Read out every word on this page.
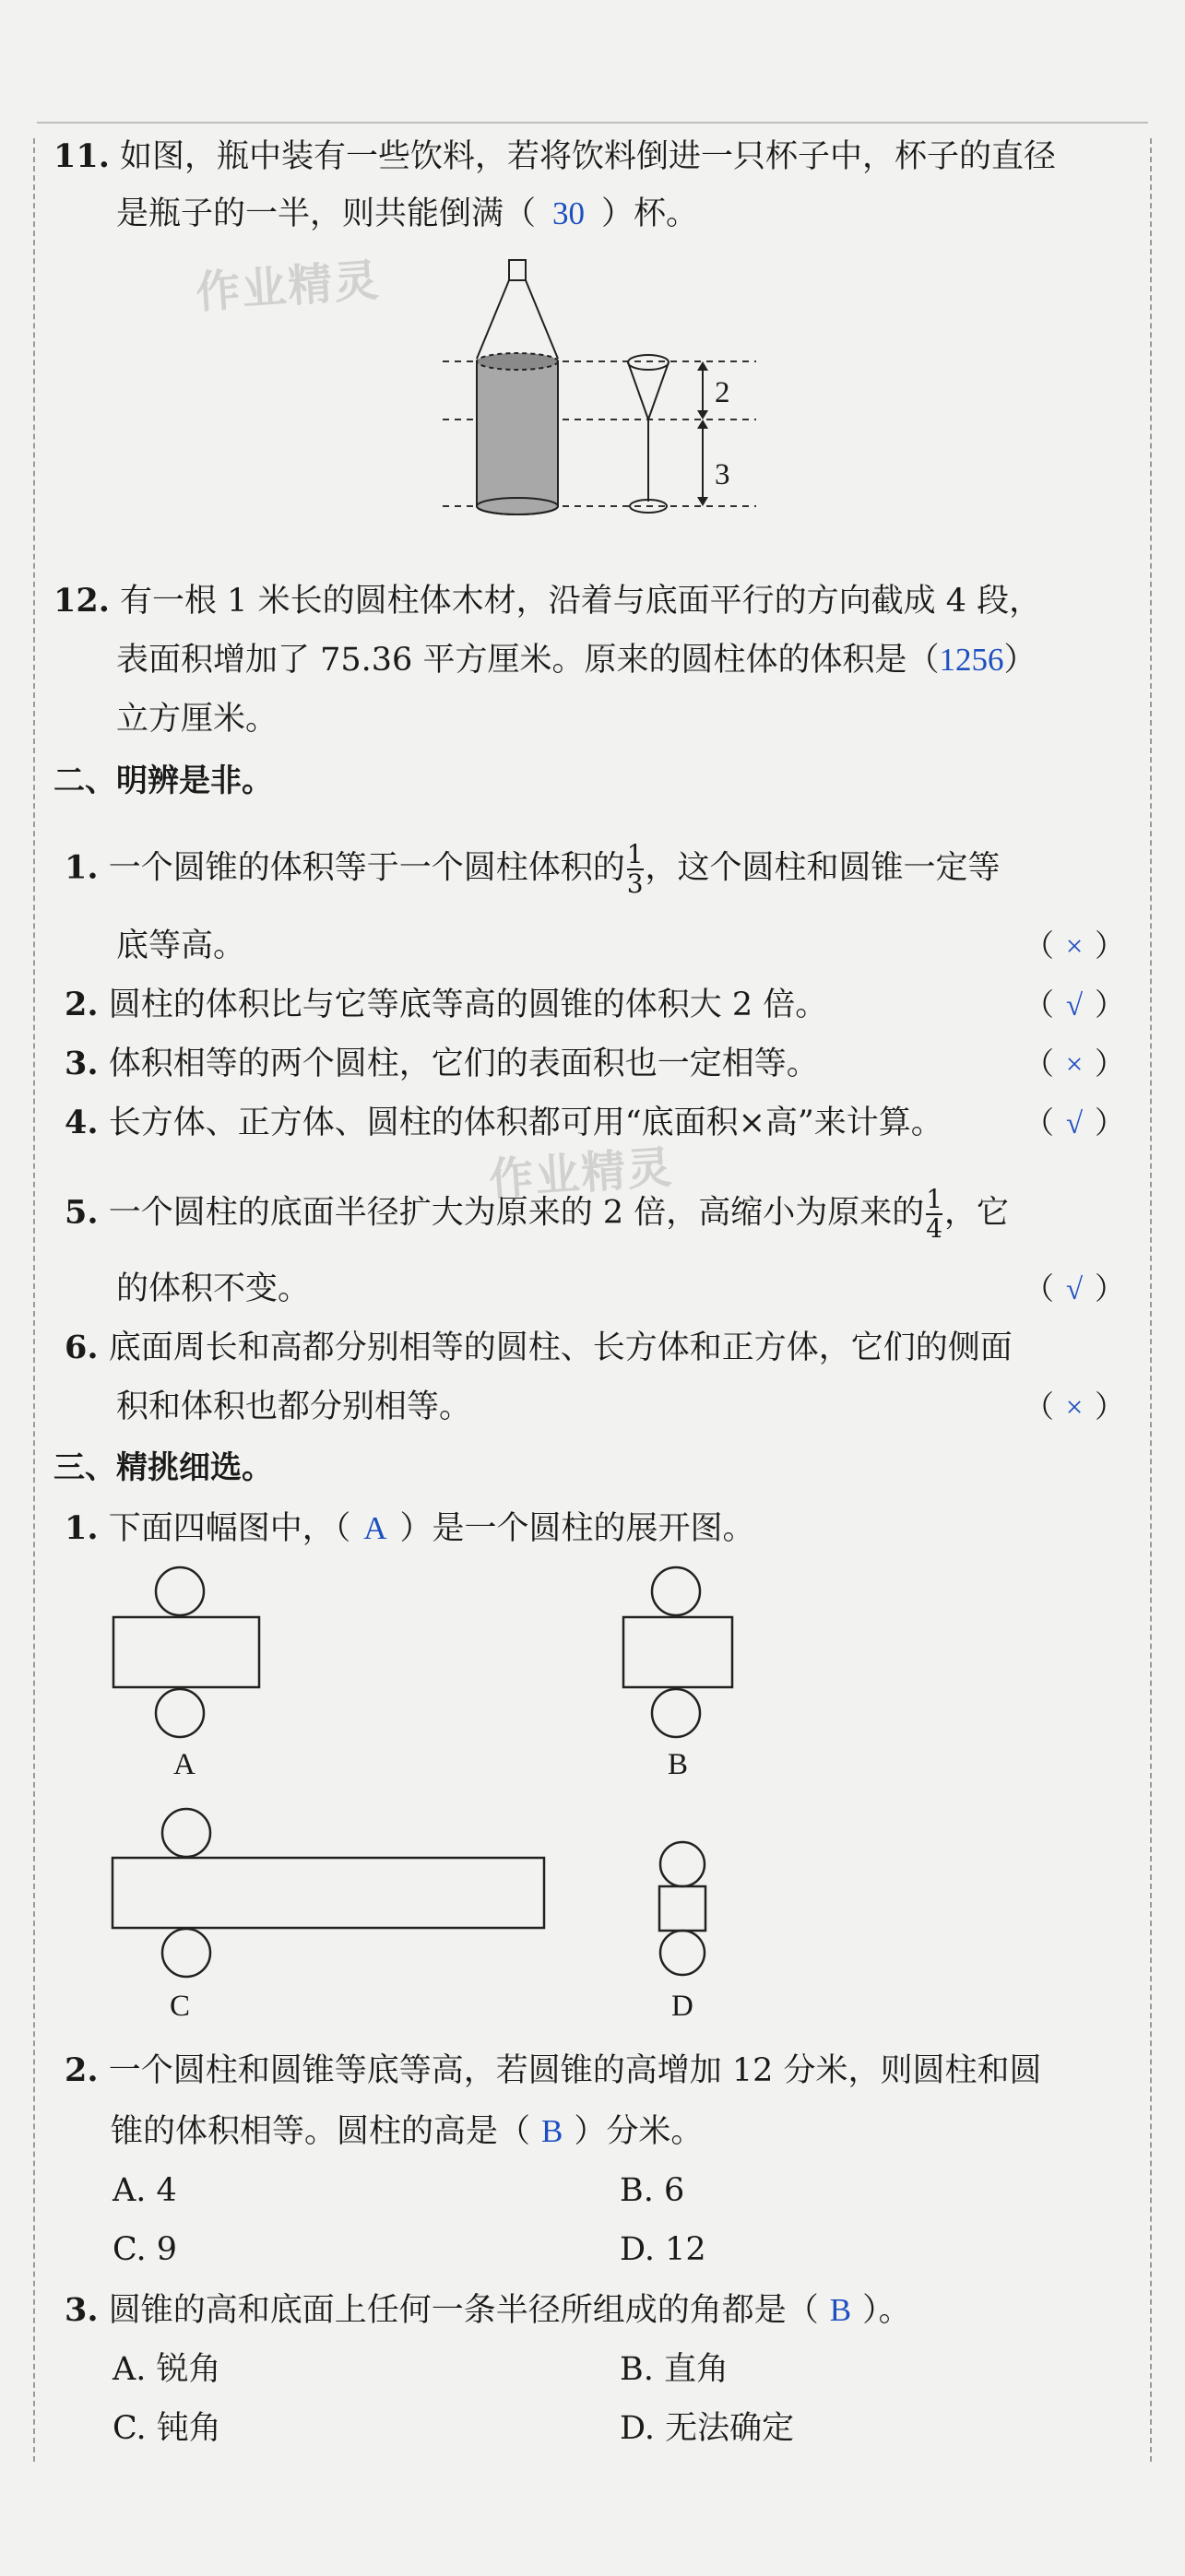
作业精灵
作业精灵
11. 如图，瓶中装有一些饮料，若将饮料倒进一只杯子中，杯子的直径
是瓶子的一半，则共能倒满（ 30 ）杯。
2
3
12. 有一根 1 米长的圆柱体木材，沿着与底面平行的方向截成 4 段，
表面积增加了 75.36 平方厘米。原来的圆柱体的体积是（1256）
立方厘米。
二、明辨是非。
1. 一个圆锥的体积等于一个圆柱体积的 $\frac{1}{3}$ ，这个圆柱和圆锥一定等
底等高。	（ × ）
2. 圆柱的体积比与它等底等高的圆锥的体积大 2 倍。	（ √ ）
3. 体积相等的两个圆柱，它们的表面积也一定相等。	（ × ）
4. 长方体、正方体、圆柱的体积都可用“底面积×高”来计算。	（ √ ）
5. 一个圆柱的底面半径扩大为原来的 2 倍，高缩小为原来的 $\frac{1}{4}$ ，它
的体积不变。	（ √ ）
6. 底面周长和高都分别相等的圆柱、长方体和正方体，它们的侧面
积和体积也都分别相等。	（ × ）
三、精挑细选。
1. 下面四幅图中，（ A ）是一个圆柱的展开图。
A	B
C	D
2. 一个圆柱和圆锥等底等高，若圆锥的高增加 12 分米，则圆柱和圆
锥的体积相等。圆柱的高是（ B ）分米。
A. 4	B. 6
C. 9	D. 12
3. 圆锥的高和底面上任何一条半径所组成的角都是（ B ）。
A. 锐角	B. 直角
C. 钝角	D. 无法确定
